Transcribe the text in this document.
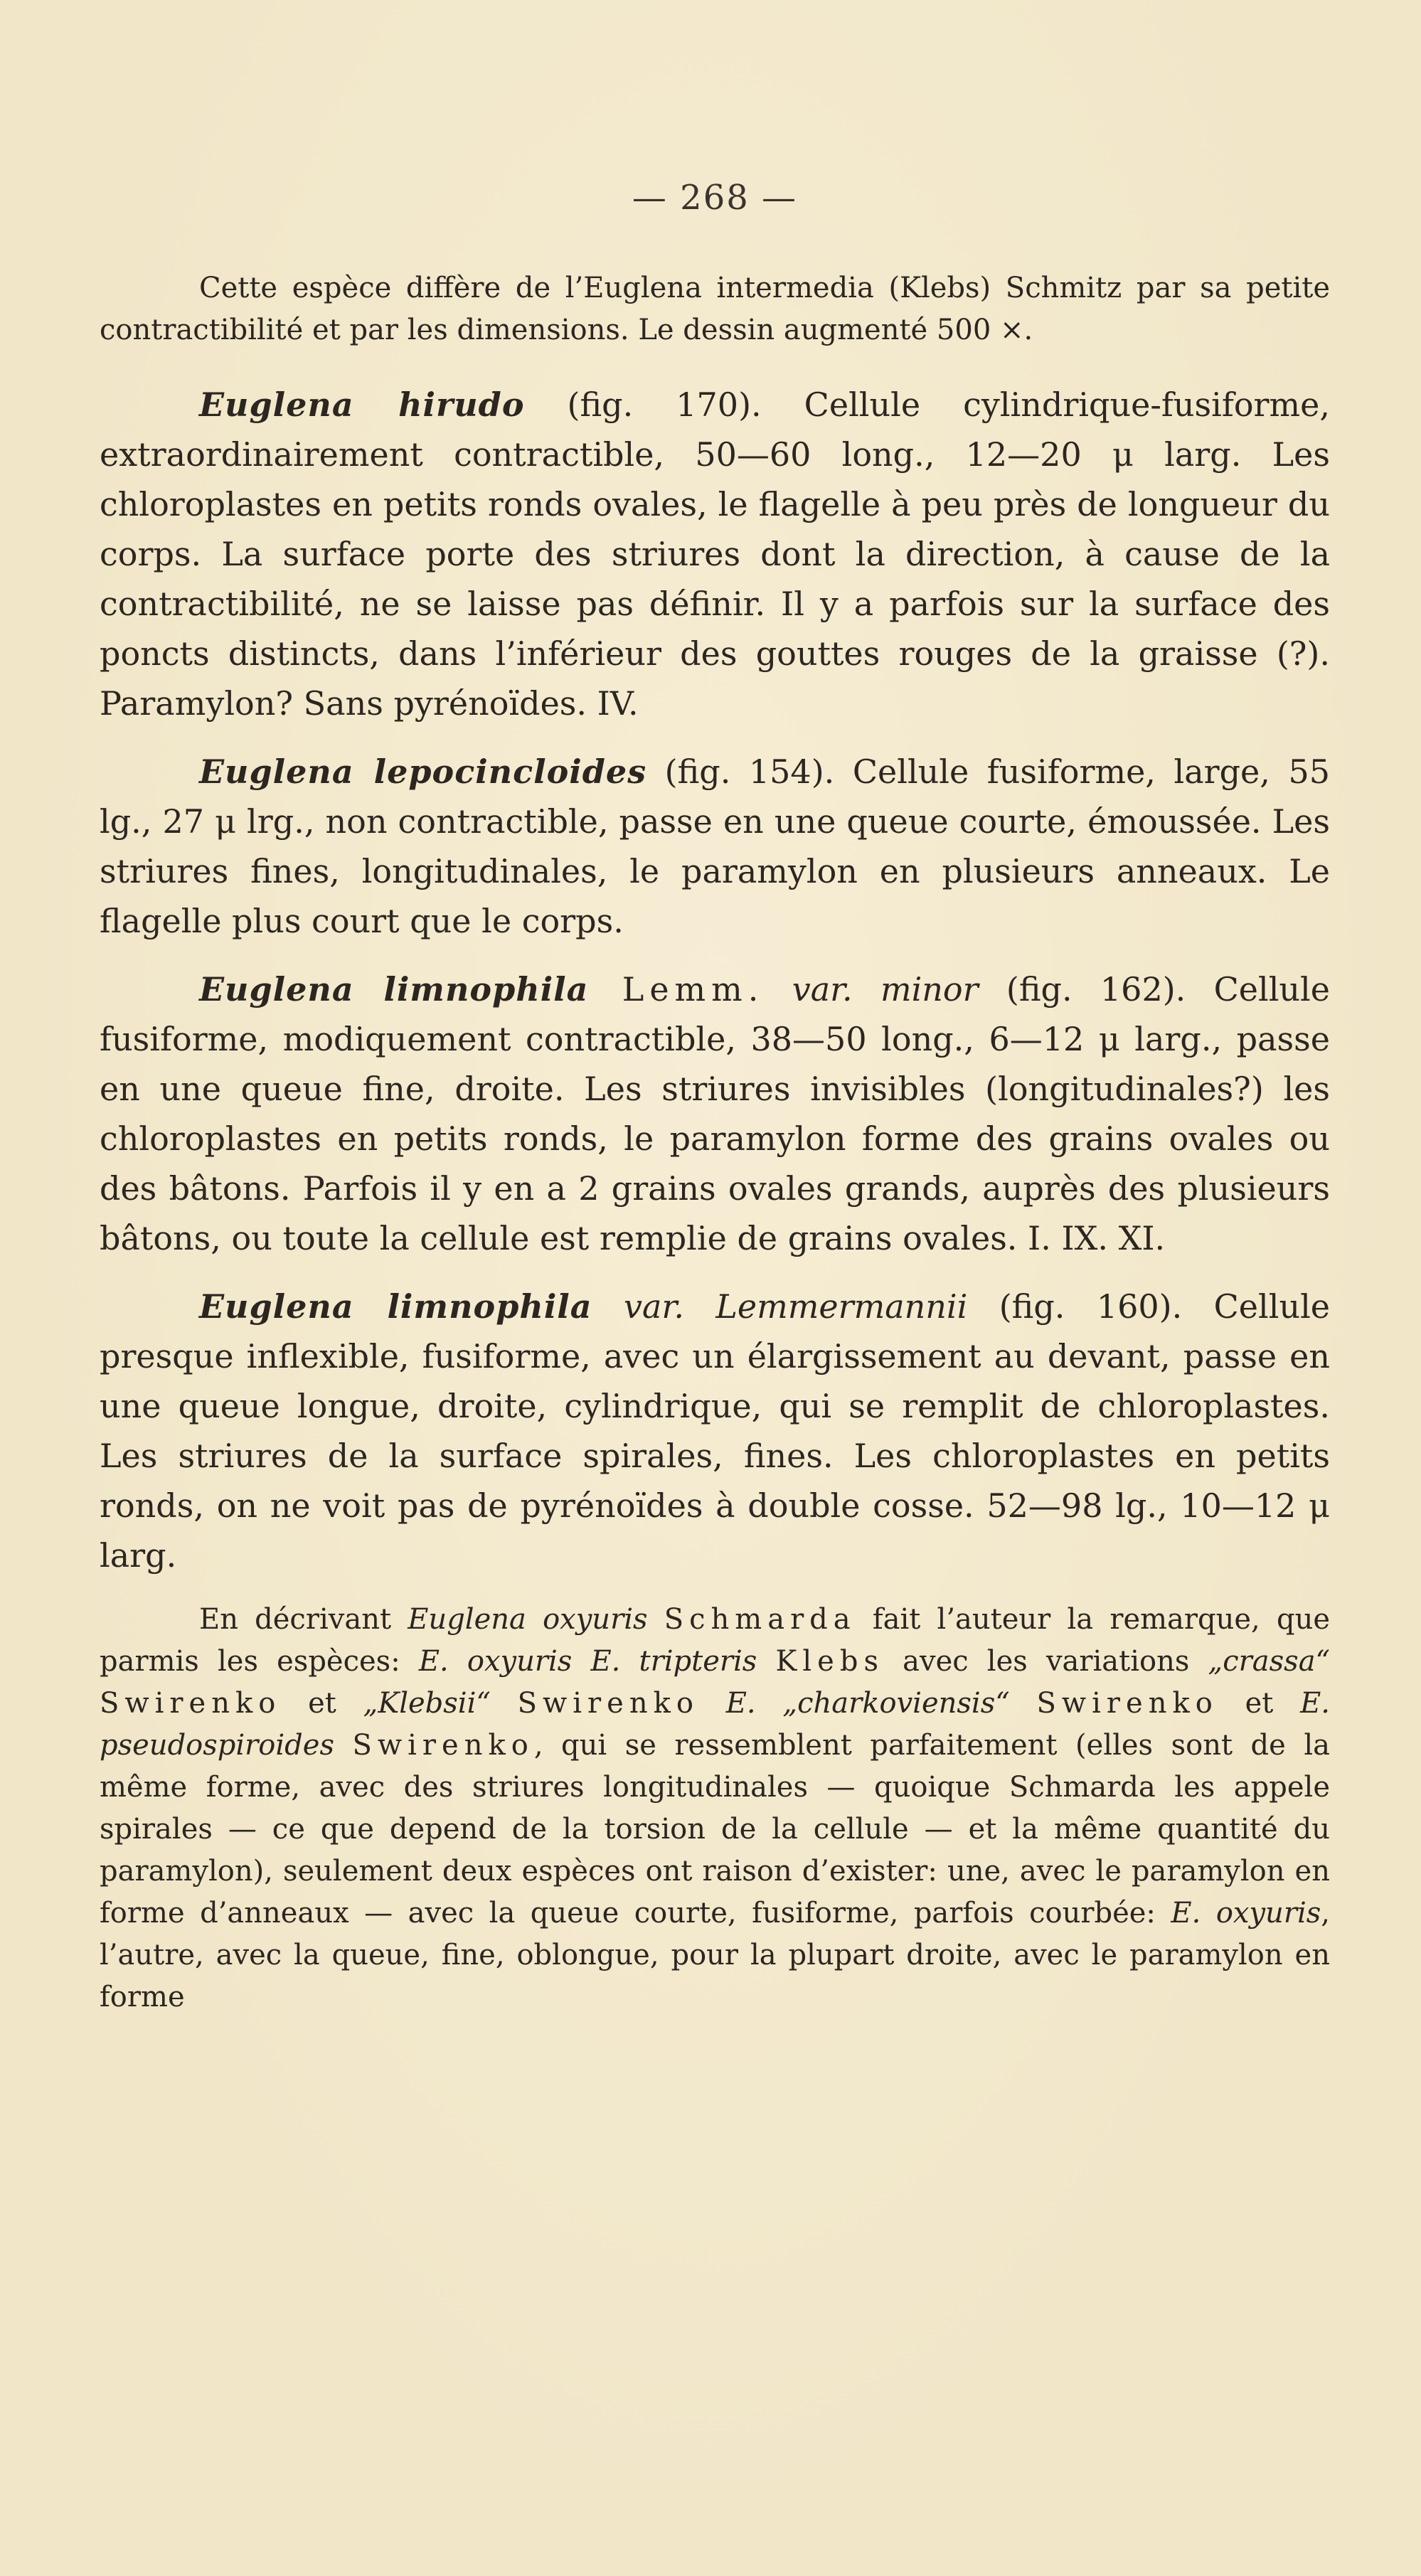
— 268 —

Cette espèce diffère de l’Euglena intermedia (Klebs) Schmitz par sa petite contractibilité et par les dimensions. Le dessin augmenté 500 ×.

Euglena hirudo (fig. 170). Cellule cylindrique-fusiforme, extraordinairement contractible, 50—60 long., 12—20 μ larg. Les chloroplastes en petits ronds ovales, le flagelle à peu près de longueur du corps. La surface porte des striures dont la direction, à cause de la contractibilité, ne se laisse pas définir. Il y a parfois sur la surface des poncts distincts, dans l’inférieur des gouttes rouges de la graisse (?). Paramylon? Sans pyrénoïdes. IV.

Euglena lepocincloides (fig. 154). Cellule fusiforme, large, 55 lg., 27 μ lrg., non contractible, passe en une queue courte, émoussée. Les striures fines, longitudinales, le paramylon en plusieurs anneaux. Le flagelle plus court que le corps.

Euglena limnophila Lemm. var. minor (fig. 162). Cellule fusiforme, modiquement contractible, 38—50 long., 6—12 μ larg., passe en une queue fine, droite. Les striures invisibles (longitudinales?) les chloroplastes en petits ronds, le paramylon forme des grains ovales ou des bâtons. Parfois il y en a 2 grains ovales grands, auprès des plusieurs bâtons, ou toute la cellule est remplie de grains ovales. I. IX. XI.

Euglena limnophila var. Lemmermannii (fig. 160). Cellule presque inflexible, fusiforme, avec un élargissement au devant, passe en une queue longue, droite, cylindrique, qui se remplit de chloroplastes. Les striures de la surface spirales, fines. Les chloroplastes en petits ronds, on ne voit pas de pyrénoïdes à double cosse. 52—98 lg., 10—12 μ larg.

En décrivant Euglena oxyuris Schmarda fait l’auteur la remarque, que parmis les espèces: E. oxyuris E. tripteris Klebs avec les variations „crassa“ Swirenko et „Klebsii“ Swirenko E. „charkoviensis“ Swirenko et E. pseudospiroides Swirenko, qui se ressemblent parfaitement (elles sont de la même forme, avec des striures longitudinales — quoique Schmarda les appele spirales — ce que depend de la torsion de la cellule — et la même quantité du paramylon), seulement deux espèces ont raison d’exister: une, avec le paramylon en forme d’anneaux — avec la queue courte, fusiforme, parfois courbée: E. oxyuris, l’autre, avec la queue, fine, oblongue, pour la plupart droite, avec le paramylon en forme
